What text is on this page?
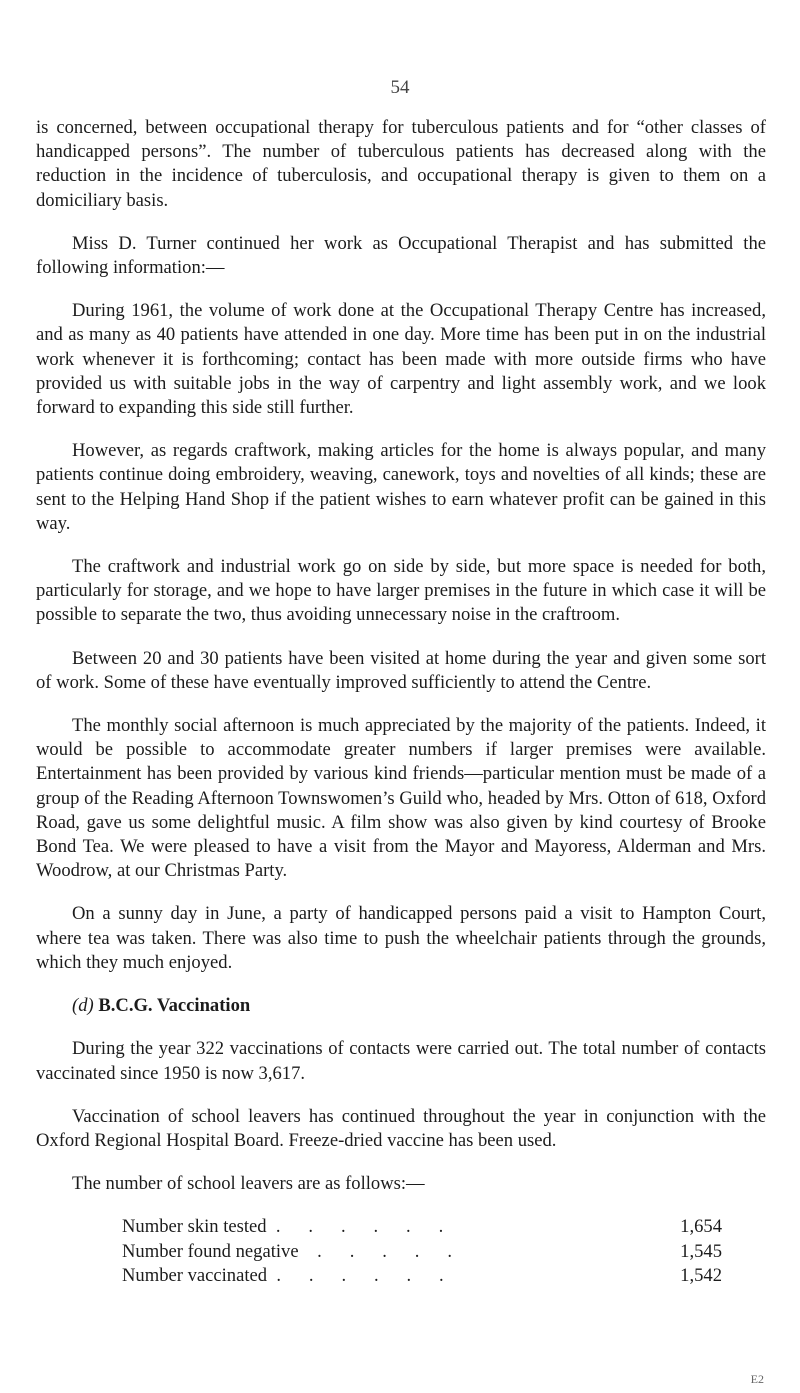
54

is concerned, between occupational therapy for tuberculous patients and for “other classes of handicapped persons”. The number of tuberculous patients has decreased along with the reduction in the incidence of tuberculosis, and occupational therapy is given to them on a domiciliary basis.

Miss D. Turner continued her work as Occupational Therapist and has submitted the following information:—

During 1961, the volume of work done at the Occupational Therapy Centre has increased, and as many as 40 patients have attended in one day. More time has been put in on the industrial work whenever it is forthcoming; contact has been made with more outside firms who have provided us with suitable jobs in the way of carpentry and light assembly work, and we look forward to expanding this side still further.

However, as regards craftwork, making articles for the home is always popular, and many patients continue doing embroidery, weaving, canework, toys and novelties of all kinds; these are sent to the Helping Hand Shop if the patient wishes to earn whatever profit can be gained in this way.

The craftwork and industrial work go on side by side, but more space is needed for both, particularly for storage, and we hope to have larger premises in the future in which case it will be possible to separate the two, thus avoiding unnecessary noise in the craftroom.

Between 20 and 30 patients have been visited at home during the year and given some sort of work. Some of these have eventually improved sufficiently to attend the Centre.

The monthly social afternoon is much appreciated by the majority of the patients. Indeed, it would be possible to accommodate greater numbers if larger premises were available. Entertainment has been provided by various kind friends—particular mention must be made of a group of the Reading Afternoon Townswomen’s Guild who, headed by Mrs. Otton of 618, Oxford Road, gave us some delightful music. A film show was also given by kind courtesy of Brooke Bond Tea. We were pleased to have a visit from the Mayor and Mayoress, Alderman and Mrs. Woodrow, at our Christmas Party.

On a sunny day in June, a party of handicapped persons paid a visit to Hampton Court, where tea was taken. There was also time to push the wheelchair patients through the grounds, which they much enjoyed.

(d) B.C.G. Vaccination

During the year 322 vaccinations of contacts were carried out. The total number of contacts vaccinated since 1950 is now 3,617.

Vaccination of school leavers has continued throughout the year in conjunction with the Oxford Regional Hospital Board. Freeze-dried vaccine has been used.

The number of school leavers are as follows:—

Number skin tested  .      .      .      .      .      .	1,654
Number found negative    .      .      .      .      .	1,545
Number vaccinated  .      .      .      .      .      .	1,542
E2
